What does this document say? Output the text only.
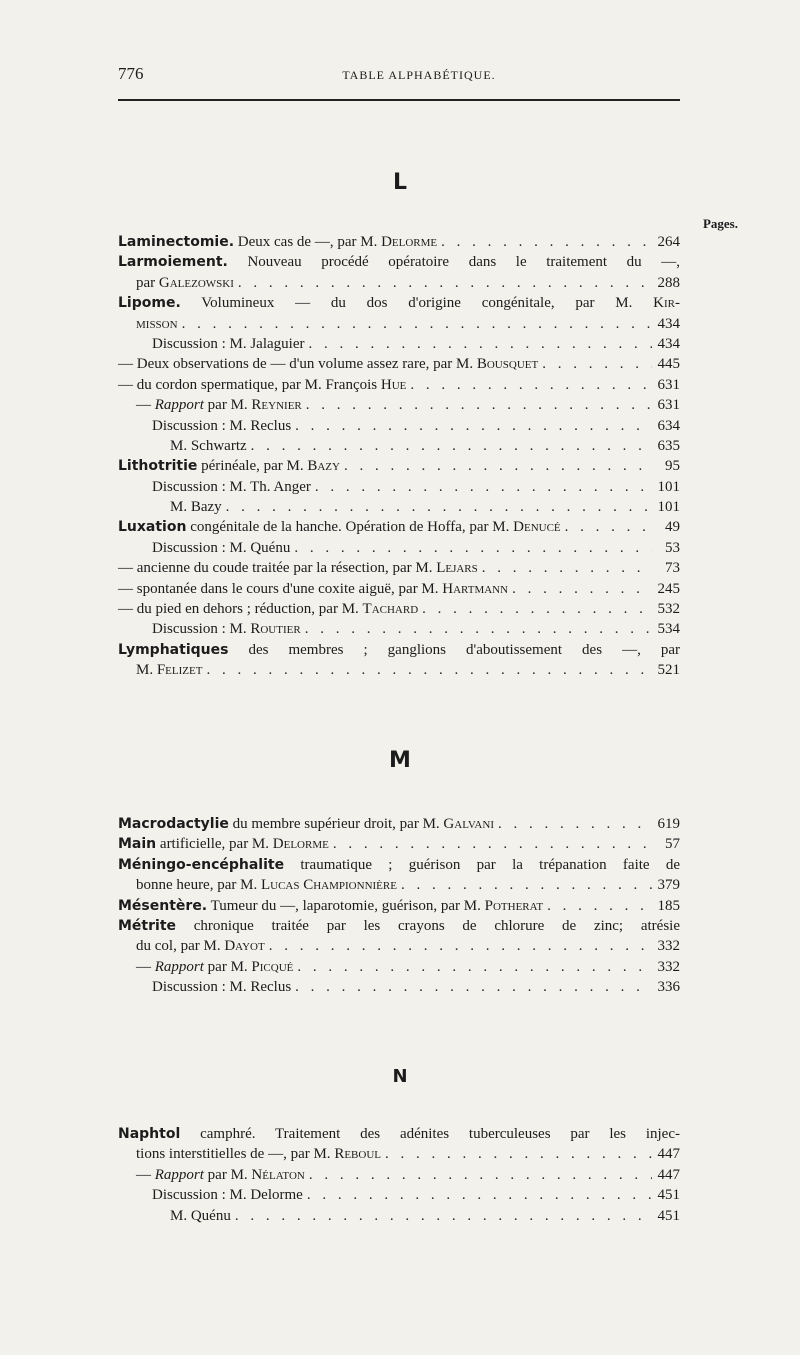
776	TABLE ALPHABÉTIQUE.
L
Pages.
Laminectomie. Deux cas de —, par M. Delorme . . .	264
Larmoiement. Nouveau procédé opératoire dans le traitement du —,
par Galezowski . . .	288
Lipome. Volumineux — du dos d'origine congénitale, par M. Kir-
misson . . .	434
Discussion : M. Jalaguier . . .	434
— Deux observations de — d'un volume assez rare, par M. Bousquet . . .	445
— du cordon spermatique, par M. François Hue . . .	631
— Rapport par M. Reynier . . .	631
Discussion : M. Reclus . . .	634
M. Schwartz . . .	635
Lithotritie périnéale, par M. Bazy . . .	95
Discussion : M. Th. Anger . . .	101
M. Bazy . . .	101
Luxation congénitale de la hanche. Opération de Hoffa, par M. Denucé . . .	49
Discussion : M. Quénu . . .	53
— ancienne du coude traitée par la résection, par M. Lejars . . .	73
— spontanée dans le cours d'une coxite aiguë, par M. Hartmann . . .	245
— du pied en dehors ; réduction, par M. Tachard . . .	532
Discussion : M. Routier . . .	534
Lymphatiques des membres ; ganglions d'aboutissement des —, par
M. Felizet . . .	521
M
Macrodactylie du membre supérieur droit, par M. Galvani . . .	619
Main artificielle, par M. Delorme . . .	57
Méningo-encéphalite traumatique ; guérison par la trépanation faite de
bonne heure, par M. Lucas Championnière . . .	379
Mésentère. Tumeur du —, laparotomie, guérison, par M. Potherat . . .	185
Métrite chronique traitée par les crayons de chlorure de zinc; atrésie
du col, par M. Dayot . . .	332
— Rapport par M. Picqué . . .	332
Discussion : M. Reclus . . .	336
N
Naphtol camphré. Traitement des adénites tuberculeuses par les injec-
tions interstitielles de —, par M. Reboul . . .	447
— Rapport par M. Nélaton . . .	447
Discussion : M. Delorme . . .	451
M. Quénu . . .	451
